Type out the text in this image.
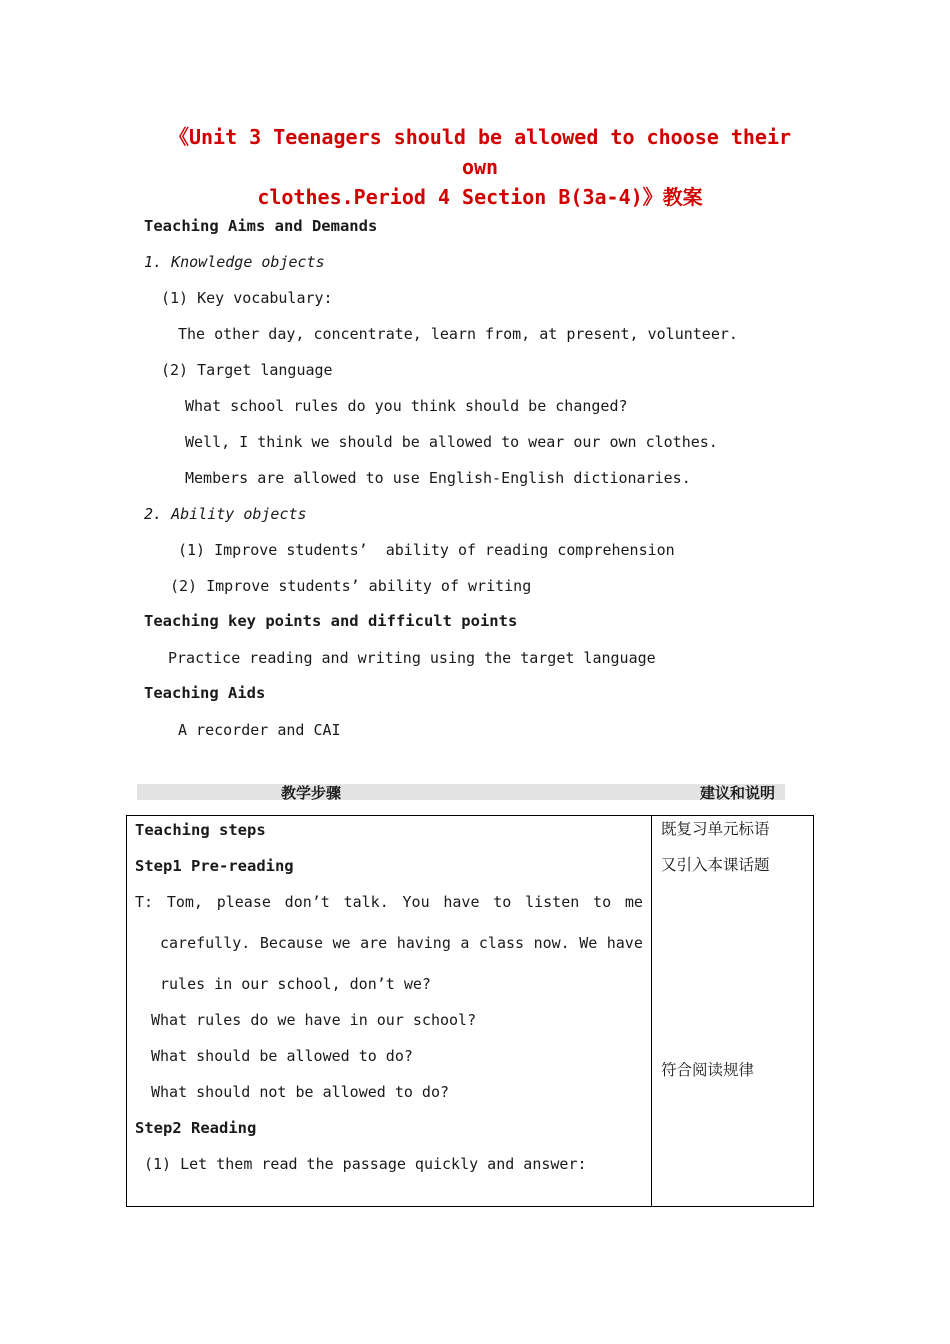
《Unit 3 Teenagers should be allowed to choose their own
clothes.Period 4 Section B(3a-4)》教案
Teaching Aims and Demands
1. Knowledge objects
(1) Key vocabulary:
The other day, concentrate, learn from, at present, volunteer.
(2) Target language
What school rules do you think should be changed?
Well, I think we should be allowed to wear our own clothes.
Members are allowed to use English-English dictionaries.
2. Ability objects
(1) Improve students’  ability of reading comprehension
(2) Improve students’ ability of writing
Teaching key points and difficult points
Practice reading and writing using the target language
Teaching Aids
A recorder and CAI
教学步骤	建议和说明
Teaching steps
Step1 Pre-reading
T: Tom, please don’t talk. You have to listen to me
carefully. Because we are having a class now. We have
rules in our school, don’t we?
What rules do we have in our school?
What should be allowed to do?
What should not be allowed to do?
Step2 Reading
(1) Let them read the passage quickly and answer:
既复习单元标语
又引入本课话题
符合阅读规律
